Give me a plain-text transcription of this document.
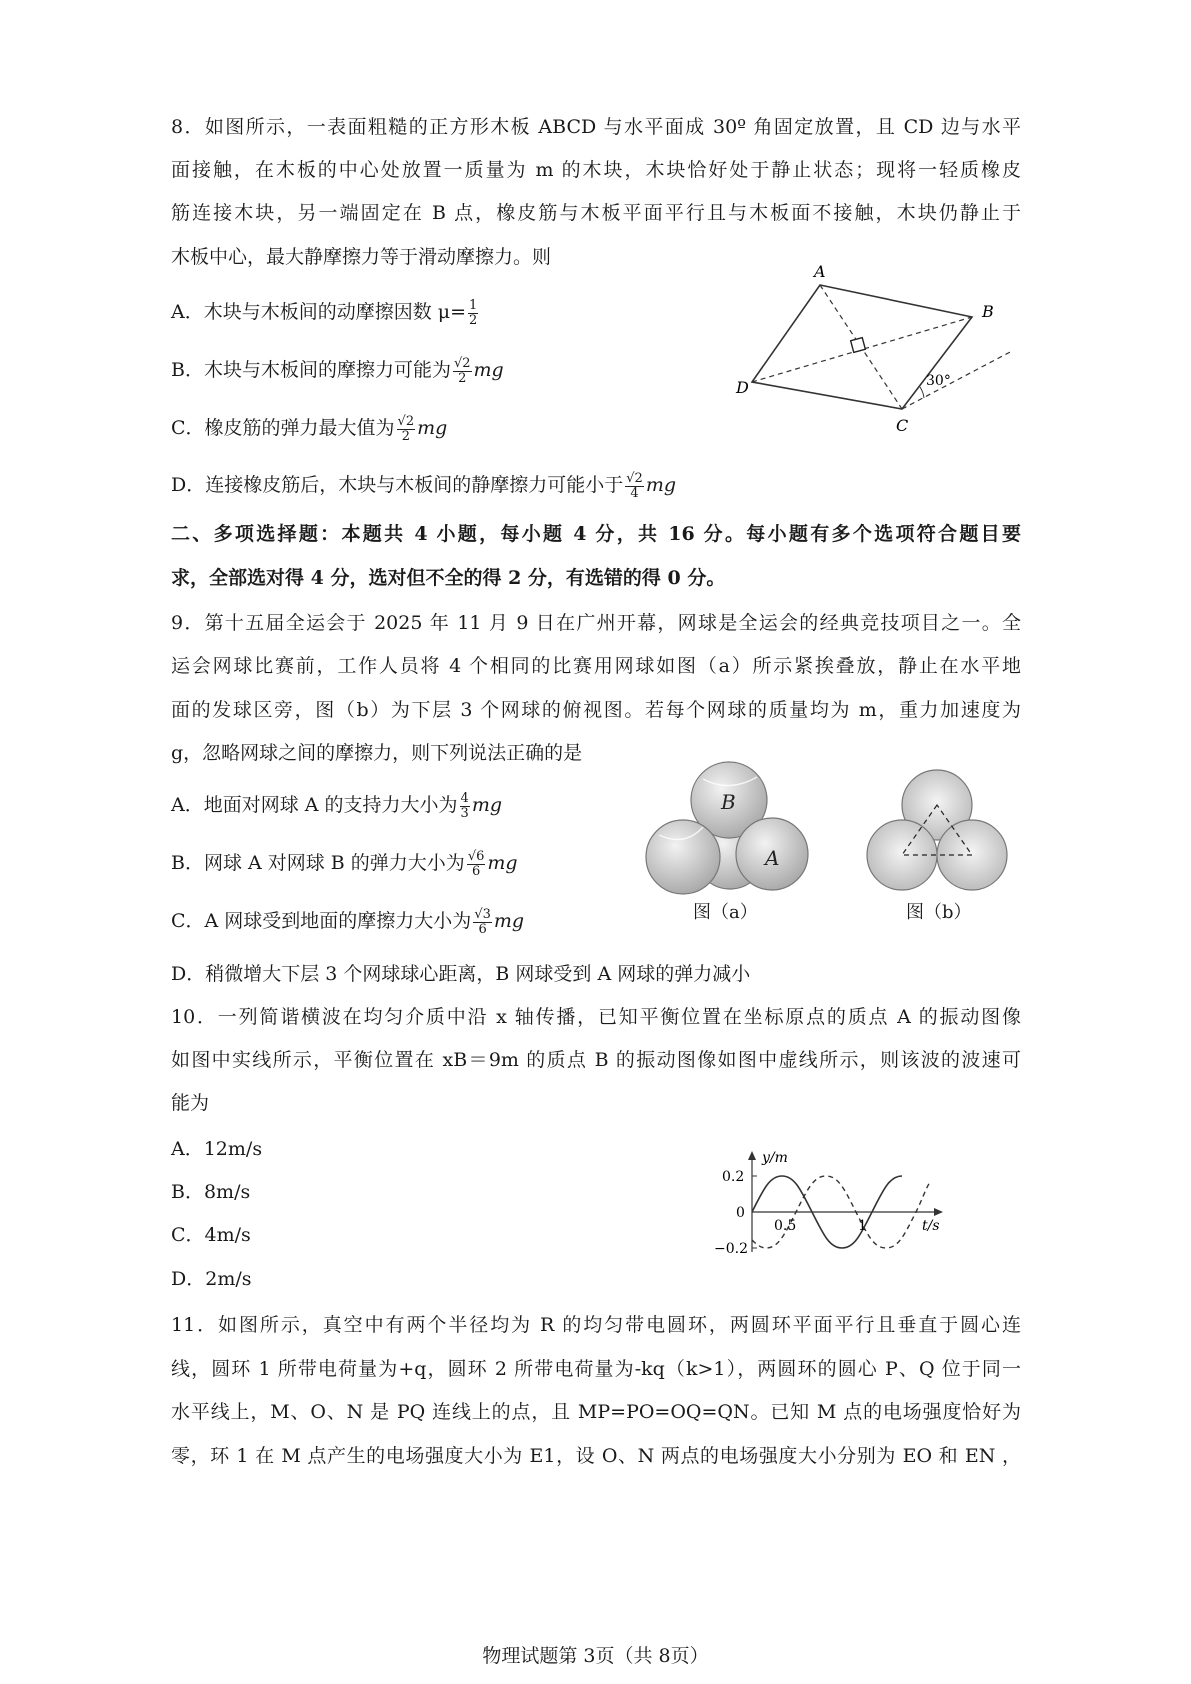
8．如图所示，一表面粗糙的正方形木板 ABCD 与水平面成 30º 角固定放置，且 CD 边与水平
面接触，在木板的中心处放置一质量为 m 的木块，木块恰好处于静止状态；现将一轻质橡皮
筋连接木块，另一端固定在 B 点，橡皮筋与木板平面平行且与木板面不接触，木块仍静止于
木板中心，最大静摩擦力等于滑动摩擦力。则
A．木块与木板间的动摩擦因数 $\mu= \frac{1}{2}$
B．木块与木板间的摩擦力可能为 $\frac{√2}{2}$ mg
C．橡皮筋的弹力最大值为 $\frac{√2}{2}$ mg
D．连接橡皮筋后，木块与木板间的静摩擦力可能小于 $\frac{√2}{4}$ mg
A
B
C
D	30°
二、多项选择题：本题共 4 小题，每小题 4 分，共 16 分。每小题有多个选项符合题目要
求，全部选对得 4 分，选对但不全的得 2 分，有选错的得 0 分。
9．第十五届全运会于 2025 年 11 月 9 日在广州开幕，网球是全运会的经典竞技项目之一。全
运会网球比赛前，工作人员将 4 个相同的比赛用网球如图（a）所示紧挨叠放，静止在水平地
面的发球区旁，图（b）为下层 3 个网球的俯视图。若每个网球的质量均为 m，重力加速度为
g，忽略网球之间的摩擦力，则下列说法正确的是
A．地面对网球 A 的支持力大小为 $\frac{4}{3}$ mg
B．网球 A 对网球 B 的弹力大小为 $\frac{√6}{6}$ mg
C．A 网球受到地面的摩擦力大小为 $\frac{√3}{6}$ mg
D．稍微增大下层 3 个网球球心距离，B 网球受到 A 网球的弹力减小
B
A
图（a）	图（b）
10．一列简谐横波在均匀介质中沿 x 轴传播，已知平衡位置在坐标原点的质点 A 的振动图像
如图中实线所示，平衡位置在 xB＝9m 的质点 B 的振动图像如图中虚线所示，则该波的波速可
能为
A．12m/s
B．8m/s
C．4m/s
D．2m/s
y/m
t/s
0.2
0
−0.2
0.5	1
11．如图所示，真空中有两个半径均为 R 的均匀带电圆环，两圆环平面平行且垂直于圆心连
线，圆环 1 所带电荷量为+q，圆环 2 所带电荷量为-kq（k>1），两圆环的圆心 P、Q 位于同一
水平线上，M、O、N 是 PQ 连线上的点，且 MP=PO=OQ=QN。已知 M 点的电场强度恰好为
零，环 1 在 M 点产生的电场强度大小为 E1，设 O、N 两点的电场强度大小分别为 EO 和 EN ，
物理试题第 3页（共 8页）
